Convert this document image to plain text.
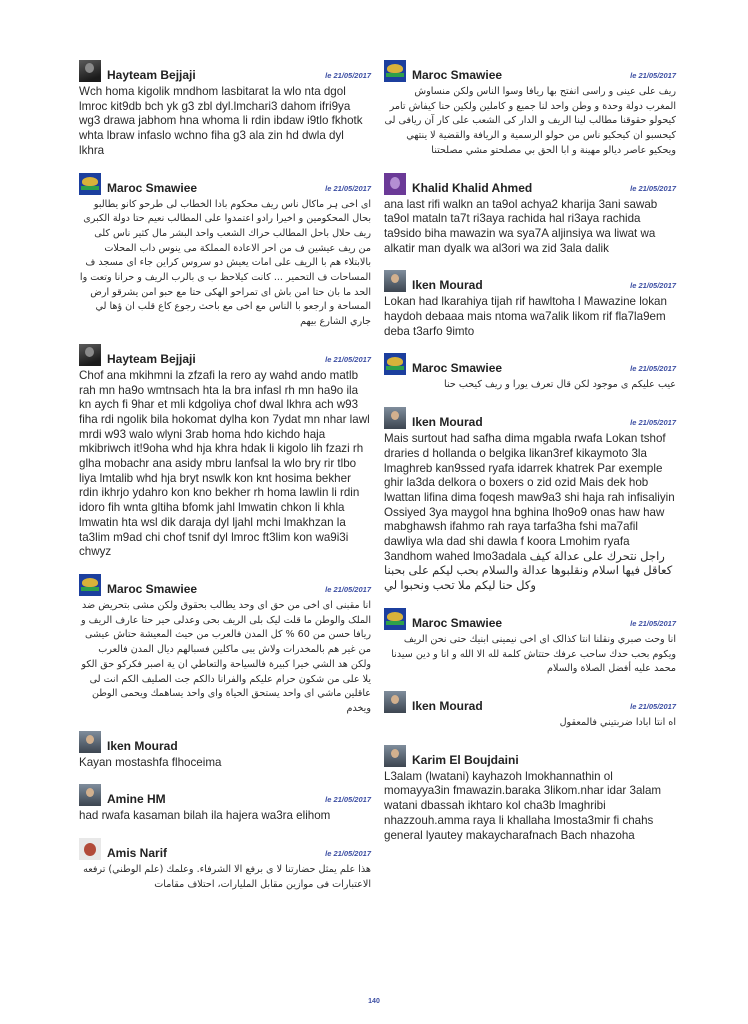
Hayteam Bejjaji	le 21/05/2017
Wch homa kigolik mndhom lasbitarat la wlo nta dgol lmroc kit9db bch yk g3 zbl dyl.lmchari3 dahom ifri9ya wg3 drawa jabhom hna whoma li rdin ibdaw i9tlo fkhotk whta lbraw infaslo wchno fiha g3 ala zin hd dwla dyl lkhra
Maroc Smawiee	le 21/05/2017
ای اخی ہر ماکال ناس ریف محکوم بادا الخطاب لی طرحو کانو یطالبو بحال المحکومین و اخیرا رادو اعتمدوا على المطالب نعیم حتا دولة الکبری ریف حلال باحل المطالب حراك الشعب واحد البشر مال کثیر ناس کلی من ریف عیشین ف من احر الاعادة المملكة می ینوس داب المحلات بالابتلاء هم با الريف على امات یعیش دو سروس كراین جاء ای مسجد ف المساحات ف التحمير ... كانت كيلاحظ ب ی بالرب الريف و حرانا وتعت وا الحد ما بان حتا امن باش ای تمراحو الهکی حتا مع حبو امن یشرقو ارض المساحة و ارجعو با الناس مع اخی مع باحث رجوع كاع قلب ان ؤها لي جاري الشارع بيهم
Hayteam Bejjaji	le 21/05/2017
Chof ana mkihmni la zfzafi la rero ay wahd ando matlb rah mn ha9o wmtnsach hta la bra infasl rh mn ha9o ila kn aych fi 9har et mli kdgoliya chof dwal lkhra ach w93 fiha rdi ngolik bila hokomat dylha kon 7ydat mn nhar lawl mrdi w93 walo wlyni 3rab homa hdo kichdo haja mkibriwch it!9oha whd hja khra hdak li kigolo lih fzazi rh glha mobachr ana asidy mbru lanfsal la wlo bry rir tlbo liya lmtalib whd hja bryt nswlk kon knt hosima bekher rdin ikhrjo ydahro kon kno bekher rh homa lawlin li rdin idoro fih wnta gltiha bfomk jahl lmwatin chkon li khla lmwatin hta wsl dik daraja dyl ljahl mchi lmakhzan la ta3lim m9ad chi chof tsnif dyl lmroc ft3lim kon wa9i3i chwyz
Maroc Smawiee	le 21/05/2017
انا مقبنى ای اخی من حق ای وحد یطالب بحقوق ولکن مشی بتحریض ضد الملک والوطن ما قلت لیک بلی الريف بحی وعدلی حیر حتا عارف الریف و ریافا حسن من 60 % کل المدن فالعرب من حیث المعیشة حتاش عیشی من غیر هم بالمخدرات ولاش یبی ماكلین فسبالهم ديال المدن فالعرب ولكن هد الشي خيرا كبيرة فالسياحة والتعاطي ان ية اصبر فكركو حق الكو یلا على من شكون حرام عليكم والفرانا دالکم جت الصليف الکم انت لی عاقلین ماشي ای واحد یستحق الحیاة وای واحد يساهمك ويحمی الوطن ویخدم
Iken Mourad
Kayan mostashfa flhoceima
Amine HM	le 21/05/2017
had rwafa kasaman bilah ila hajera wa3ra elihom
Amis Narif	le 21/05/2017
هذا علم یمثل حضارتنا لا ی برفع الا الشرفاء. وعلمك (علم الوطني) ترفعه الاعتبارات فی موازين مقابل المليارات، احتلاف مقامات
Maroc Smawiee	le 21/05/2017
ریف علی عینی و راسی انفتح بها ریافا وسوا الناس ولکن منساوش المغرب دولة وحدة و وطن واحد لنا جميع و كاملين ولكين حنا كيفاش تامر كيحولو حقوقنا مطالب لينا الريف و الدار کی الشعب علی کار آن ریافی لی کيحسبو ان كيحكيو ناس من حولو الرسمية و الريافة والقضية لا ينتهي ويحكيو عاصر ديالو مهينة و ابا الحق بي مصلحتو مشي مصلحتنا
Khalid Khalid Ahmed	le 21/05/2017
ana last rifi walkn an ta9ol achya2 kharija 3ani sawab ta9ol mataln ta7t ri3aya rachida hal ri3aya rachida ta9sido biha mawazin wa sya7A aljinsiya wa liwat wa alkatir man dyalk wa al3ori wa zid 3ala dalik
Iken Mourad	le 21/05/2017
Lokan had lkarahiya tijah rif hawltoha l Mawazine lokan haydoh debaaa mais ntoma wa7alik likom rif fla7la9em deba t3arfo 9imto
Maroc Smawiee	le 21/05/2017
عیب علیکم ی موجود لكن قال تعرف یورا و ريف كيحب حنا
Iken Mourad	le 21/05/2017
Mais surtout had safha dima mgabla rwafa Lokan tshof draries d hollanda o belgika likan3ref kikaymoto 3la lmaghreb kan9ssed ryafa idarrek khatrek Par exemple ghir la3da delkora o boxers o zid ozid Mais dek hob lwattan lifina dima foqesh maw9a3 shi haja rah infisaliyin Ossiyed 3ya maygol hna bghina lho9o9 onas haw haw mabghawsh ifahmo rah raya tarfa3ha fshi ma7afil dawliya wla dad shi dawla f koora Lmohim ryafa 3andhom wahed lmo3adala راجل نتحرك على عدالة كيف كعاقل فيها اسلام ونقلبوها عدالة والسلام بحب ليكم على بحبنا وكل حنا ليكم ملا تحب ونحبوا لي
Maroc Smawiee	le 21/05/2017
انا وحت صبري ونقلنا انتا کذالک ای اخی نیمينی ابنيك حتی نحن الریف ویکوم بحب حدك ساحب عرفك حتتاش کلمة لله الا الله و انا و دين سيدنا محمد عليه أفضل الصلاة والسلام
Iken Mourad	le 21/05/2017
اه انتا ابادا ضربتيني فالمعقول
Karim El Boujdaini
L3alam (lwatani) kayhazoh lmokhannathin ol momayya3in fmawazin.baraka 3likom.nhar idar 3alam watani dbassah ikhtaro kol cha3b lmaghribi nhazzouh.amma raya li khallaha lmosta3mir fi chahs general lyautey makaycharafnach Bach nhazoha
140
